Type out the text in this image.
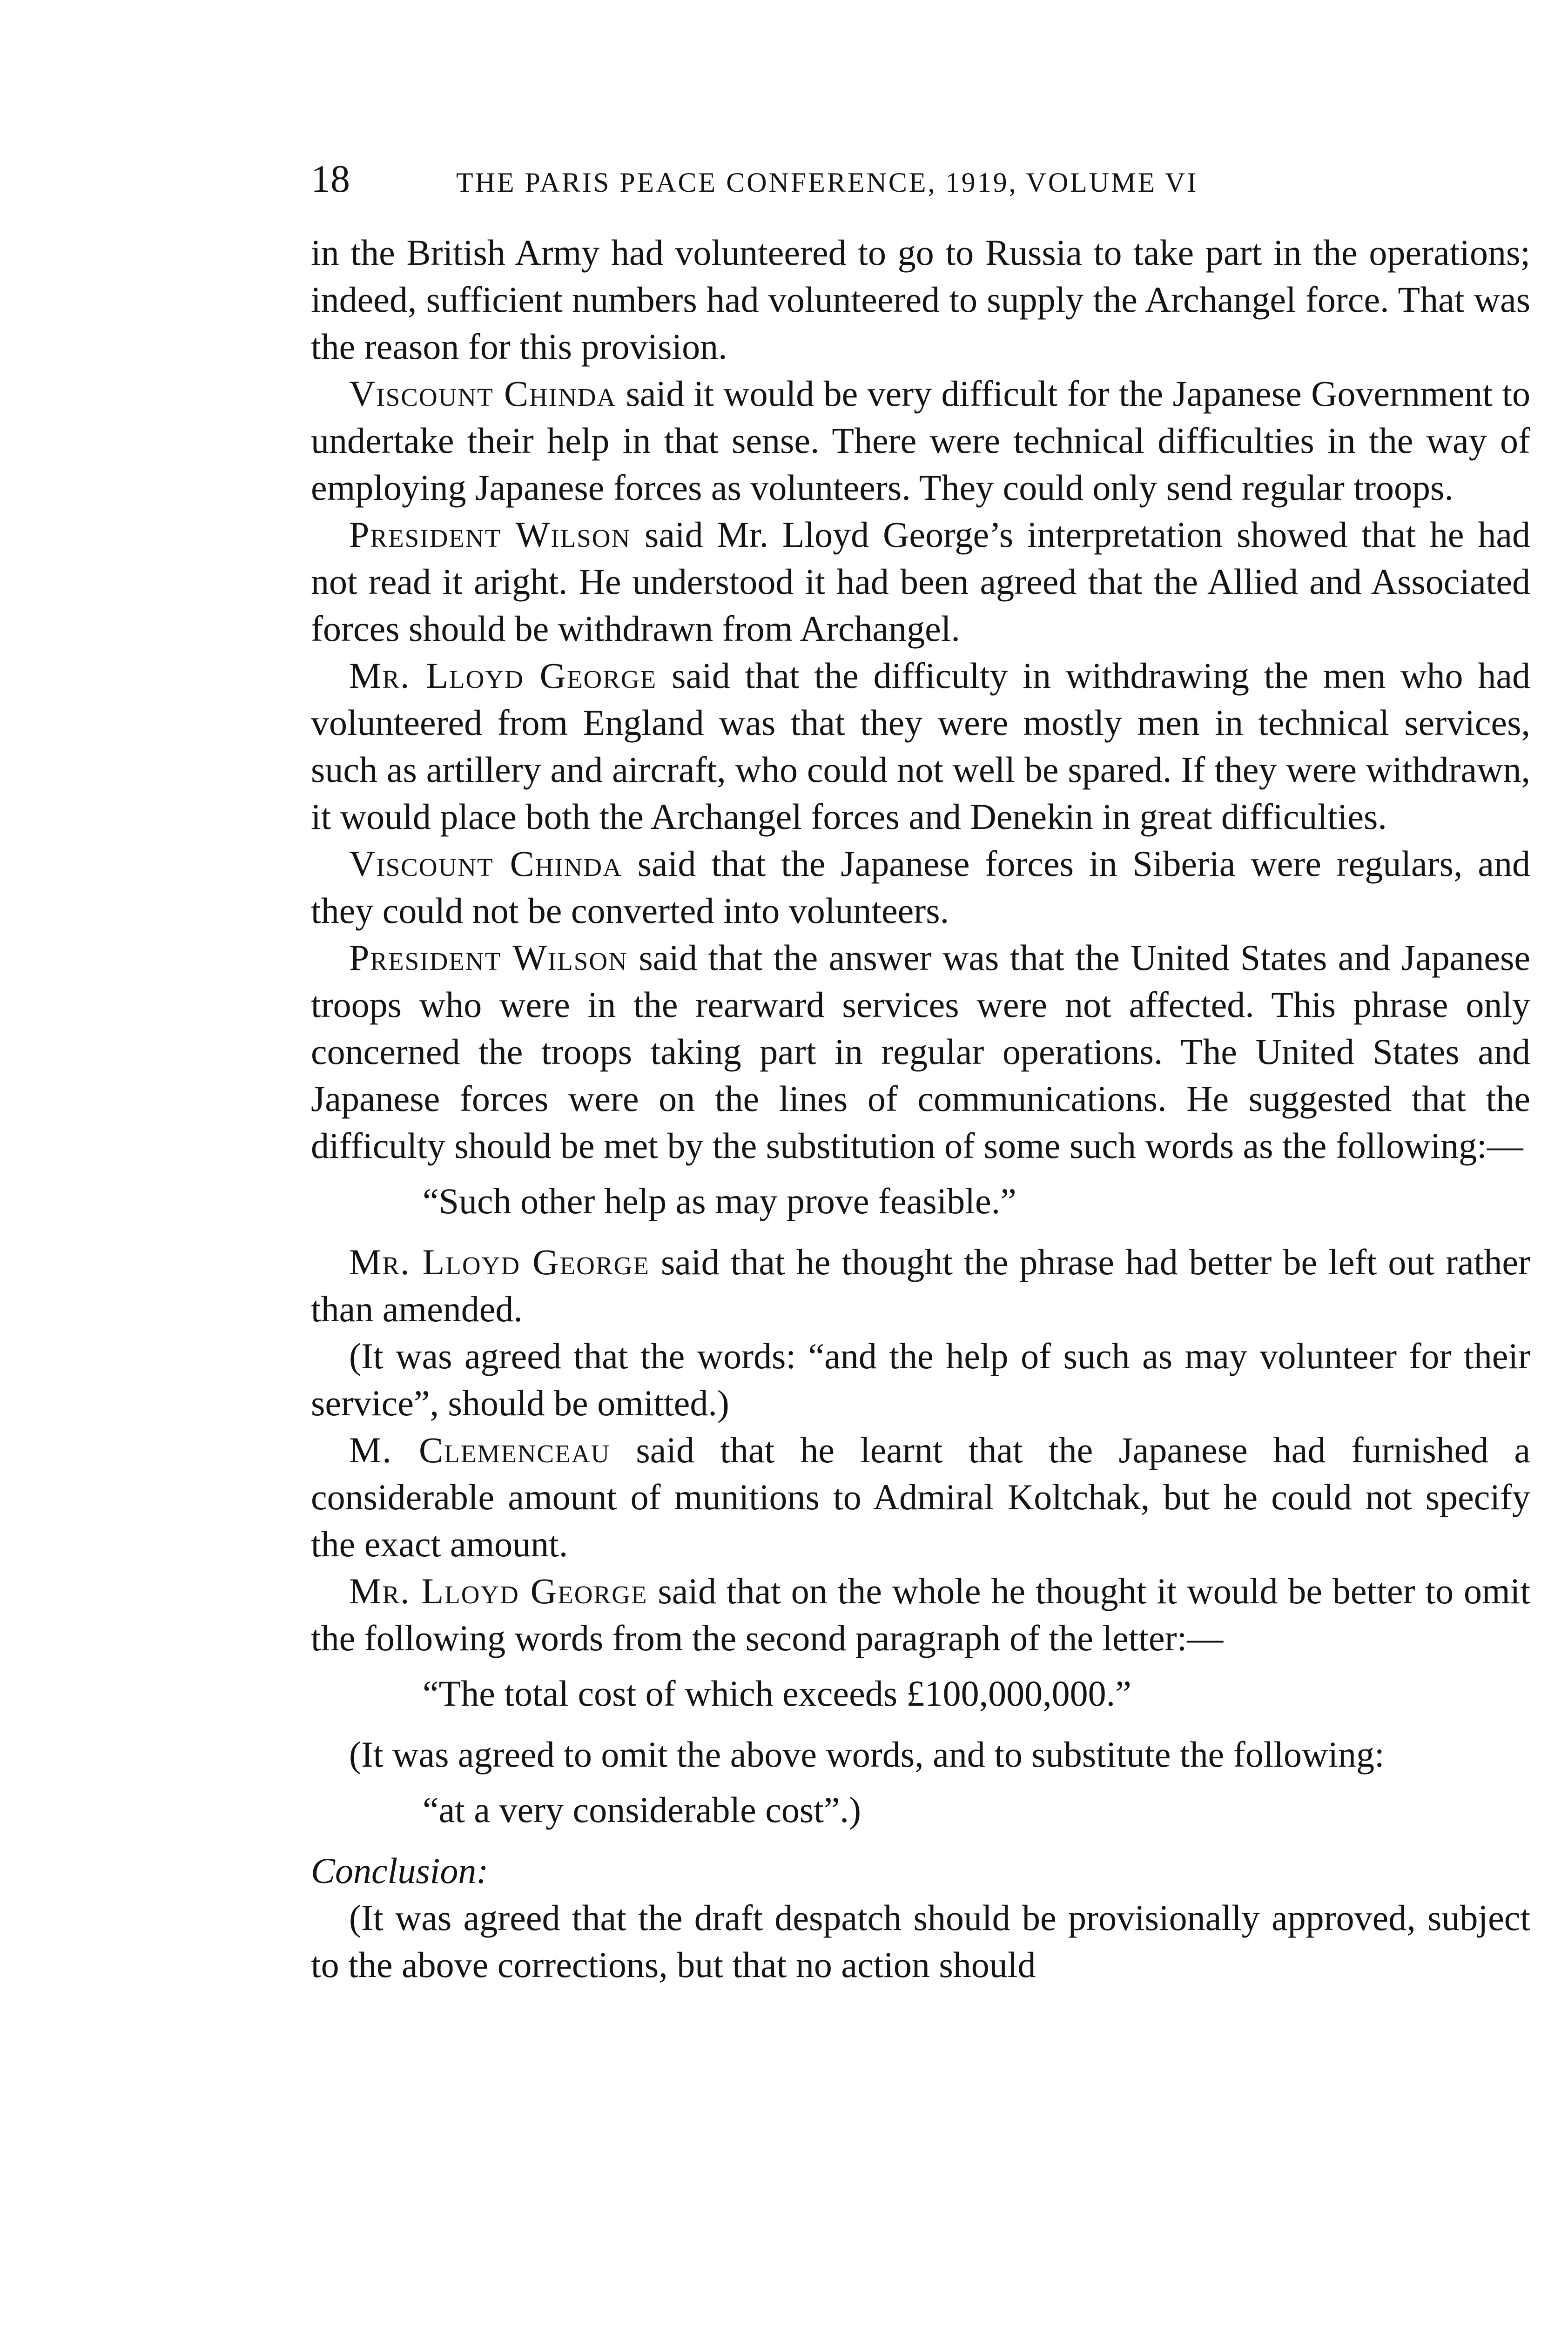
18	THE PARIS PEACE CONFERENCE, 1919, VOLUME VI

in the British Army had volunteered to go to Russia to take part in the operations; indeed, sufficient numbers had volunteered to supply the Archangel force. That was the reason for this provision.

Viscount Chinda said it would be very difficult for the Japanese Government to undertake their help in that sense. There were technical difficulties in the way of employing Japanese forces as volunteers. They could only send regular troops.

President Wilson said Mr. Lloyd George’s interpretation showed that he had not read it aright. He understood it had been agreed that the Allied and Associated forces should be withdrawn from Archangel.

Mr. Lloyd George said that the difficulty in withdrawing the men who had volunteered from England was that they were mostly men in technical services, such as artillery and aircraft, who could not well be spared. If they were withdrawn, it would place both the Archangel forces and Denekin in great difficulties.

Viscount Chinda said that the Japanese forces in Siberia were regulars, and they could not be converted into volunteers.

President Wilson said that the answer was that the United States and Japanese troops who were in the rearward services were not affected. This phrase only concerned the troops taking part in regular operations. The United States and Japanese forces were on the lines of communications. He suggested that the difficulty should be met by the substitution of some such words as the following:—

“Such other help as may prove feasible.”

Mr. Lloyd George said that he thought the phrase had better be left out rather than amended.

(It was agreed that the words: “and the help of such as may volunteer for their service”, should be omitted.)

M. Clemenceau said that he learnt that the Japanese had furnished a considerable amount of munitions to Admiral Koltchak, but he could not specify the exact amount.

Mr. Lloyd George said that on the whole he thought it would be better to omit the following words from the second paragraph of the letter:—

“The total cost of which exceeds £100,000,000.”

(It was agreed to omit the above words, and to substitute the following:

“at a very considerable cost”.)

Conclusion:

(It was agreed that the draft despatch should be provisionally approved, subject to the above corrections, but that no action should
